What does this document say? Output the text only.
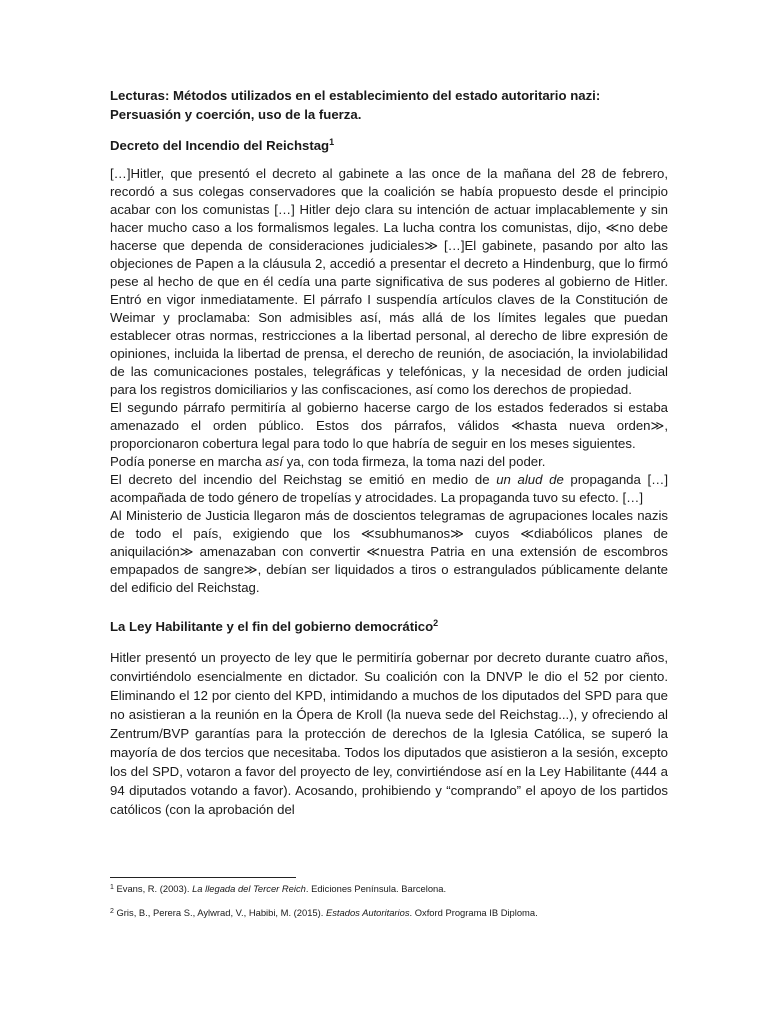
Lecturas: Métodos utilizados en el establecimiento del estado autoritario nazi:
Persuasión y coerción, uso de la fuerza.
Decreto del Incendio del Reichstag$^1$

[…]Hitler, que presentó el decreto al gabinete a las once de la mañana del 28 de febrero, recordó a sus colegas conservadores que la coalición se había propuesto desde el principio acabar con los comunistas […] Hitler dejo clara su intención de actuar implacablemente y sin hacer mucho caso a los formalismos legales. La lucha contra los comunistas, dijo, ≪no debe hacerse que dependa de consideraciones judiciales≫ […]El gabinete, pasando por alto las objeciones de Papen a la cláusula 2, accedió a presentar el decreto a Hindenburg, que lo firmó pese al hecho de que en él cedía una parte significativa de sus poderes al gobierno de Hitler. Entró en vigor inmediatamente. El párrafo I suspendía artículos claves de la Constitución de Weimar y proclamaba: Son admisibles así, más allá de los límites legales que puedan establecer otras normas, restricciones a la libertad personal, al derecho de libre expresión de opiniones, incluida la libertad de prensa, el derecho de reunión, de asociación, la inviolabilidad de las comunicaciones postales, telegráficas y telefónicas, y la necesidad de orden judicial para los registros domiciliarios y las confiscaciones, así como los derechos de propiedad.

El segundo párrafo permitiría al gobierno hacerse cargo de los estados federados si estaba amenazado el orden público. Estos dos párrafos, válidos ≪hasta nueva orden≫, proporcionaron cobertura legal para todo lo que habría de seguir en los meses siguientes.

Podía ponerse en marcha así ya, con toda firmeza, la toma nazi del poder.

El decreto del incendio del Reichstag se emitió en medio de un alud de propaganda […] acompañada de todo género de tropelías y atrocidades. La propaganda tuvo su efecto. […]

Al Ministerio de Justicia llegaron más de doscientos telegramas de agrupaciones locales nazis de todo el país, exigiendo que los ≪subhumanos≫ cuyos ≪diabólicos planes de aniquilación≫ amenazaban con convertir ≪nuestra Patria en una extensión de escombros empapados de sangre≫, debían ser liquidados a tiros o estrangulados públicamente delante del edificio del Reichstag.

La Ley Habilitante y el fin del gobierno democrático$^2$

Hitler presentó un proyecto de ley que le permitiría gobernar por decreto durante cuatro años, convirtiéndolo esencialmente en dictador. Su coalición con la DNVP le dio el 52 por ciento. Eliminando el 12 por ciento del KPD, intimidando a muchos de los diputados del SPD para que no asistieran a la reunión en la Ópera de Kroll (la nueva sede del Reichstag...), y ofreciendo al Zentrum/BVP garantías para la protección de derechos de la Iglesia Católica, se superó la mayoría de dos tercios que necesitaba. Todos los diputados que asistieron a la sesión, excepto los del SPD, votaron a favor del proyecto de ley, convirtiéndose así en la Ley Habilitante (444 a 94 diputados votando a favor). Acosando, prohibiendo y “comprando” el apoyo de los partidos católicos (con la aprobación del

$^1$ Evans, R. (2003). La llegada del Tercer Reich. Ediciones Península. Barcelona.
$^2$ Gris, B., Perera S., Aylwrad, V., Habibi, M. (2015). Estados Autoritarios. Oxford Programa IB Diploma.
